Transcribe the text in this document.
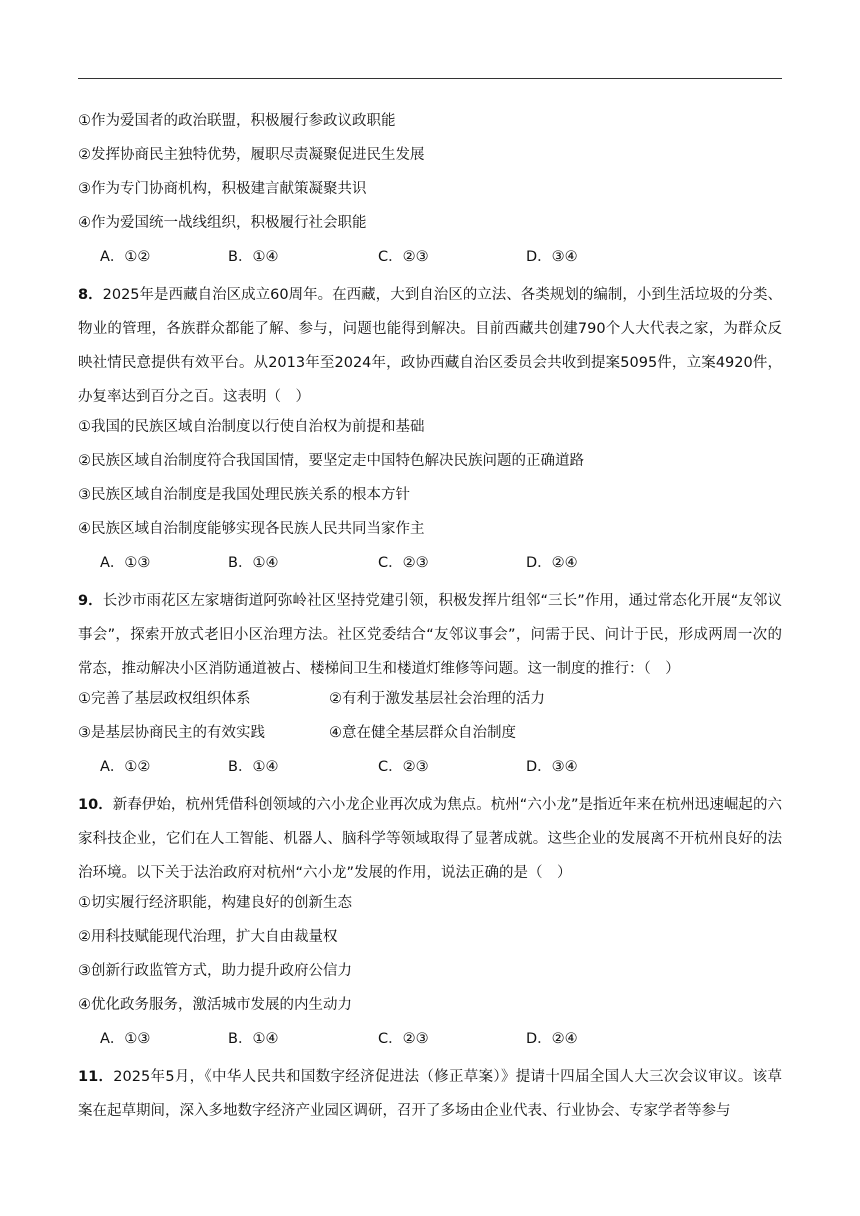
①作为爱国者的政治联盟，积极履行参政议政职能
②发挥协商民主独特优势，履职尽责凝聚促进民生发展
③作为专门协商机构，积极建言献策凝聚共识
④作为爱国统一战线组织，积极履行社会职能
A．①②	B．①④	C．②③	D．③④

8．2025年是西藏自治区成立60周年。在西藏，大到自治区的立法、各类规划的编制，小到生活垃圾的分类、物业的管理，各族群众都能了解、参与，问题也能得到解决。目前西藏共创建790个人大代表之家，为群众反映社情民意提供有效平台。从2013年至2024年，政协西藏自治区委员会共收到提案5095件，立案4920件，办复率达到百分之百。这表明（　）

①我国的民族区域自治制度以行使自治权为前提和基础
②民族区域自治制度符合我国国情，要坚定走中国特色解决民族问题的正确道路
③民族区域自治制度是我国处理民族关系的根本方针
④民族区域自治制度能够实现各民族人民共同当家作主
A．①③	B．①④	C．②③	D．②④

9．长沙市雨花区左家塘街道阿弥岭社区坚持党建引领，积极发挥片组邻“三长”作用，通过常态化开展“友邻议事会”，探索开放式老旧小区治理方法。社区党委结合“友邻议事会”，问需于民、问计于民，形成两周一次的常态，推动解决小区消防通道被占、楼梯间卫生和楼道灯维修等问题。这一制度的推行：（　）

①完善了基层政权组织体系	②有利于激发基层社会治理的活力
③是基层协商民主的有效实践	④意在健全基层群众自治制度
A．①②	B．①④	C．②③	D．③④

10．新春伊始，杭州凭借科创领域的六小龙企业再次成为焦点。杭州“六小龙”是指近年来在杭州迅速崛起的六家科技企业，它们在人工智能、机器人、脑科学等领域取得了显著成就。这些企业的发展离不开杭州良好的法治环境。以下关于法治政府对杭州“六小龙”发展的作用，说法正确的是（　）

①切实履行经济职能，构建良好的创新生态
②用科技赋能现代治理，扩大自由裁量权
③创新行政监管方式，助力提升政府公信力
④优化政务服务，激活城市发展的内生动力
A．①③	B．①④	C．②③	D．②④

11．2025年5月，《中华人民共和国数字经济促进法（修正草案）》提请十四届全国人大三次会议审议。该草案在起草期间，深入多地数字经济产业园区调研，召开了多场由企业代表、行业协会、专家学者等参与
